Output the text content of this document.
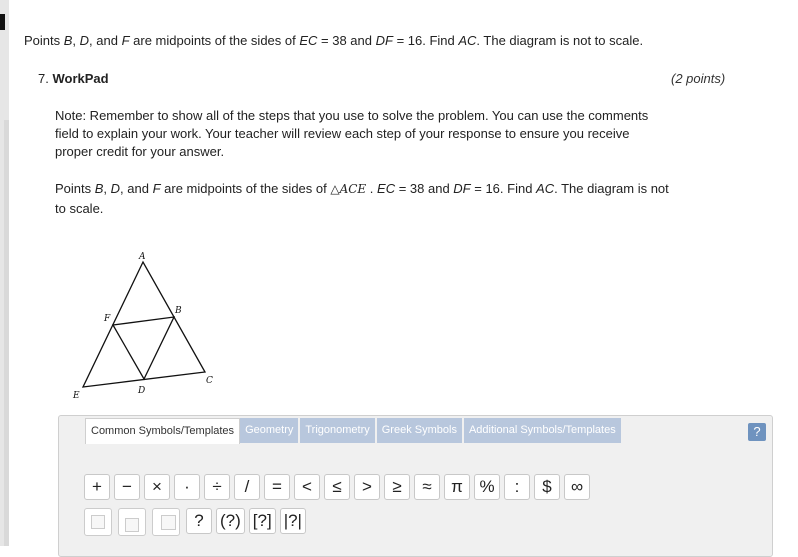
Points B, D, and F are midpoints of the sides of EC = 38 and DF = 16. Find AC. The diagram is not to scale.
7. WorkPad	(2 points)
Note: Remember to show all of the steps that you use to solve the problem. You can use the comments field to explain your work. Your teacher will review each step of your response to ensure you receive proper credit for your answer.
Points B, D, and F are midpoints of the sides of △ACE . EC = 38 and DF = 16. Find AC. The diagram is not to scale.
A
B
C
D
E
F
Common Symbols/Templates	Geometry	Trigonometry	Greek Symbols	Additional Symbols/Templates	?
+	−	×	·	÷	/	=	<	≤	>	≥	≈	π %	:	$	∞
? (?) [?] |?|
